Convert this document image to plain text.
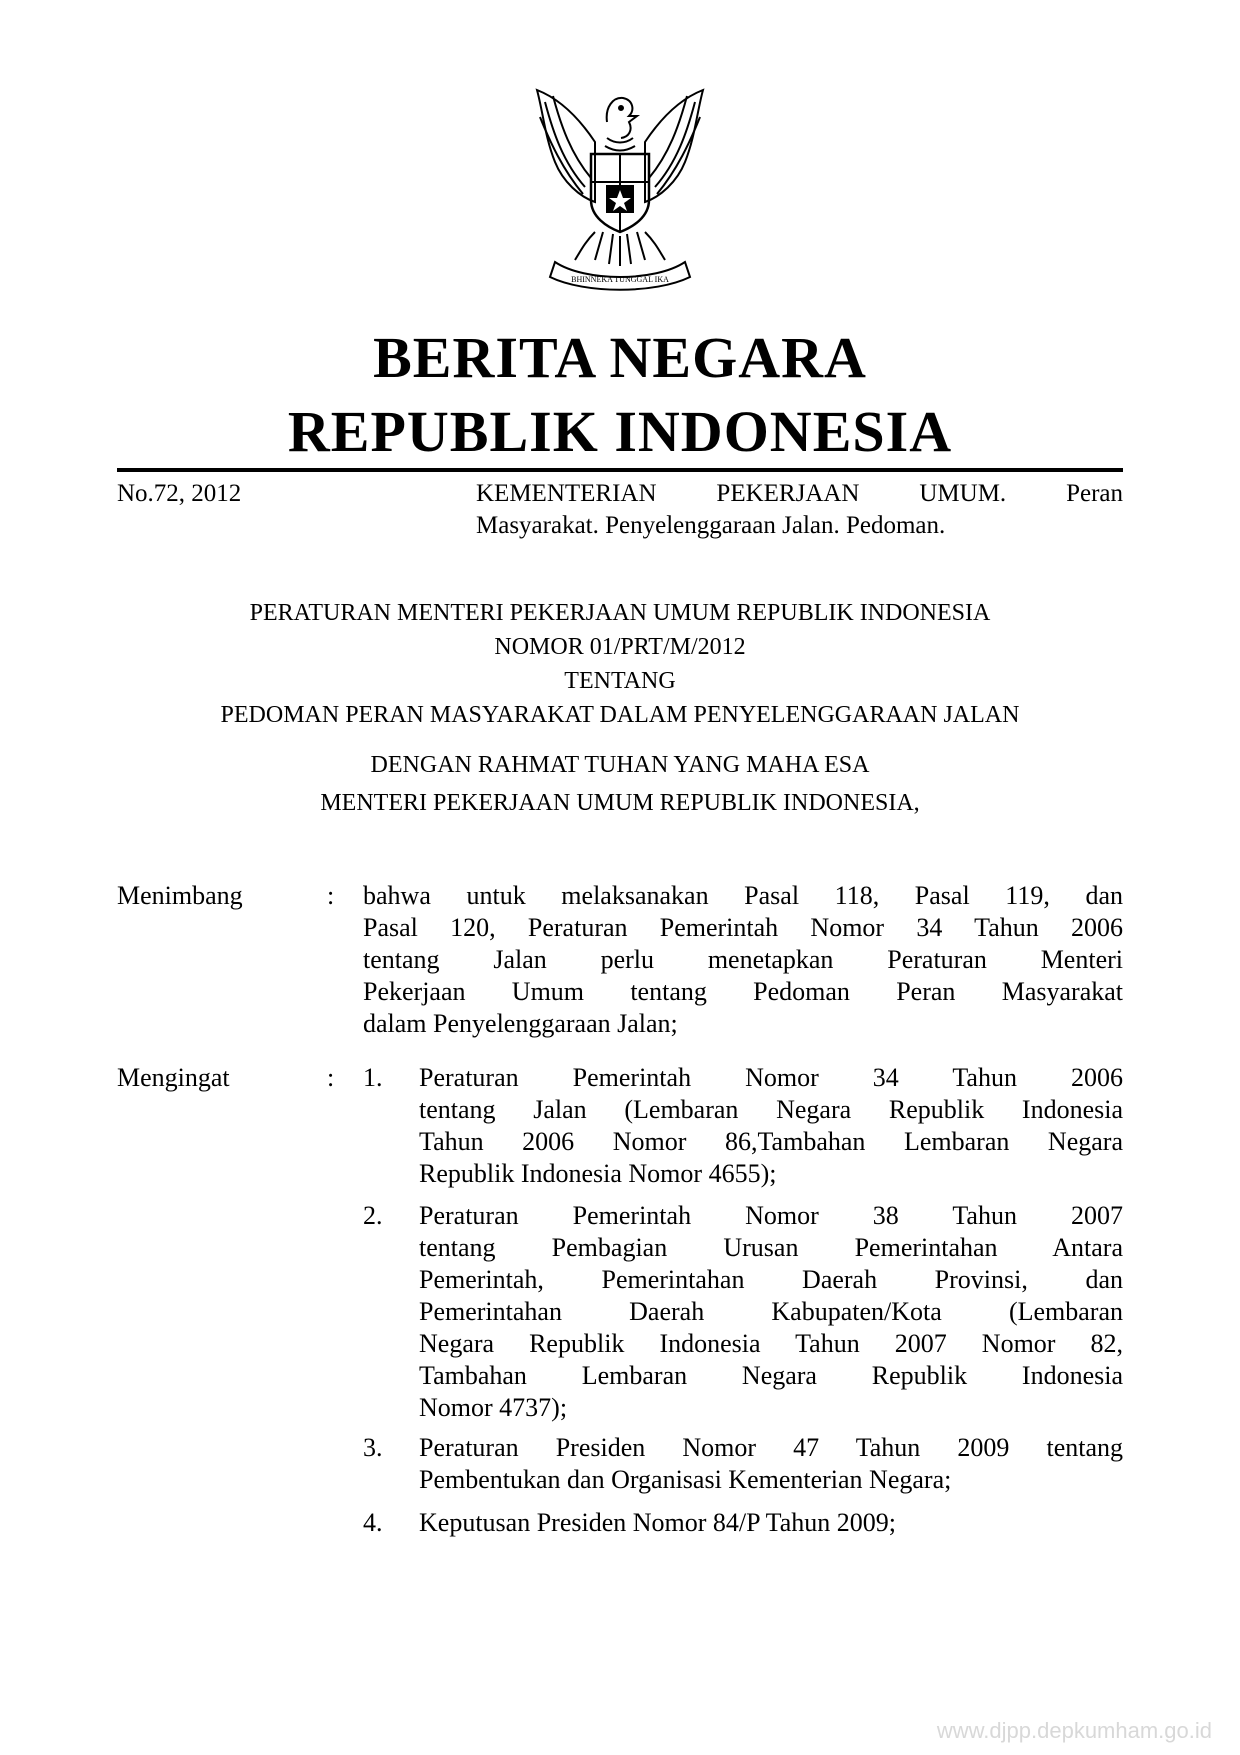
BHINNEKA TUNGGAL IKA
BERITA NEGARA
REPUBLIK INDONESIA
No.72, 2012	KEMENTERIAN PEKERJAAN UMUM. Peran
Masyarakat. Penyelenggaraan Jalan. Pedoman.
PERATURAN MENTERI PEKERJAAN UMUM REPUBLIK INDONESIA
NOMOR 01/PRT/M/2012
TENTANG
PEDOMAN PERAN MASYARAKAT DALAM PENYELENGGARAAN JALAN
DENGAN RAHMAT TUHAN YANG MAHA ESA
MENTERI PEKERJAAN UMUM REPUBLIK INDONESIA,
Menimbang	: bahwa untuk melaksanakan Pasal 118, Pasal 119, dan
Pasal 120, Peraturan Pemerintah Nomor 34 Tahun 2006
tentang Jalan perlu menetapkan Peraturan Menteri
Pekerjaan Umum tentang Pedoman Peran Masyarakat
dalam Penyelenggaraan Jalan;
Mengingat	: 1. Peraturan Pemerintah Nomor 34 Tahun 2006
tentang Jalan (Lembaran Negara Republik Indonesia
Tahun 2006 Nomor 86,Tambahan Lembaran Negara
Republik Indonesia Nomor 4655);
2. Peraturan Pemerintah Nomor 38 Tahun 2007
tentang Pembagian Urusan Pemerintahan Antara
Pemerintah, Pemerintahan Daerah Provinsi, dan
Pemerintahan Daerah Kabupaten/Kota (Lembaran
Negara Republik Indonesia Tahun 2007 Nomor 82,
Tambahan Lembaran Negara Republik Indonesia
Nomor 4737);
3. Peraturan Presiden Nomor 47 Tahun 2009 tentang
Pembentukan dan Organisasi Kementerian Negara;
4. Keputusan Presiden Nomor 84/P Tahun 2009;
www.djpp.depkumham.go.id
